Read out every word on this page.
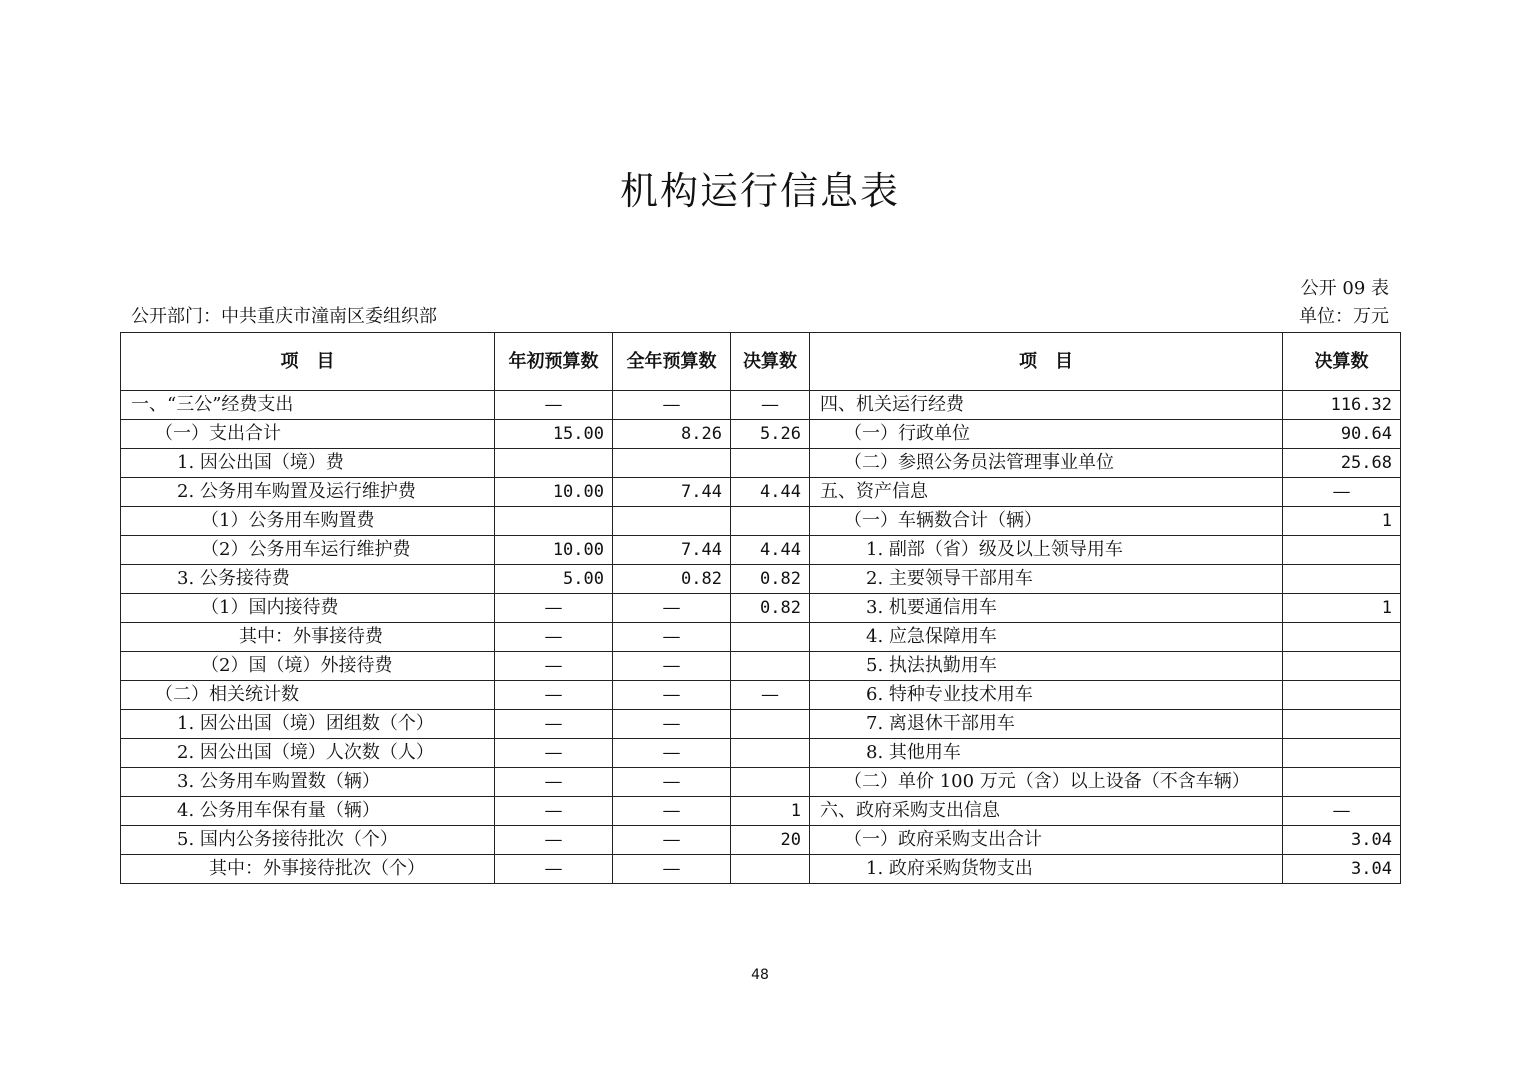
机构运行信息表
公开 09 表
公开部门：中共重庆市潼南区委组织部	单位：万元
项　目	年初预算数	全年预算数	决算数	项　目	决算数
一、“三公”经费支出	—	—	—	四、机关运行经费	116.32
（一）支出合计	15.00	8.26	5.26	（一）行政单位	90.64
1. 因公出国（境）费				（二）参照公务员法管理事业单位	25.68
2. 公务用车购置及运行维护费	10.00	7.44	4.44	五、资产信息	—
（1）公务用车购置费				（一）车辆数合计（辆）	1
（2）公务用车运行维护费	10.00	7.44	4.44	1. 副部（省）级及以上领导用车	
3. 公务接待费	5.00	0.82	0.82	2. 主要领导干部用车	
（1）国内接待费	—	—	0.82	3. 机要通信用车	1
其中：外事接待费	—	—		4. 应急保障用车	
（2）国（境）外接待费	—	—		5. 执法执勤用车	
（二）相关统计数	—	—	—	6. 特种专业技术用车	
1. 因公出国（境）团组数（个）	—	—		7. 离退休干部用车	
2. 因公出国（境）人次数（人）	—	—		8. 其他用车	
3. 公务用车购置数（辆）	—	—		（二）单价 100 万元（含）以上设备（不含车辆）	
4. 公务用车保有量（辆）	—	—	1	六、政府采购支出信息	—
5. 国内公务接待批次（个）	—	—	20	（一）政府采购支出合计	3.04
其中：外事接待批次（个）	—	—		1. 政府采购货物支出	3.04
48
